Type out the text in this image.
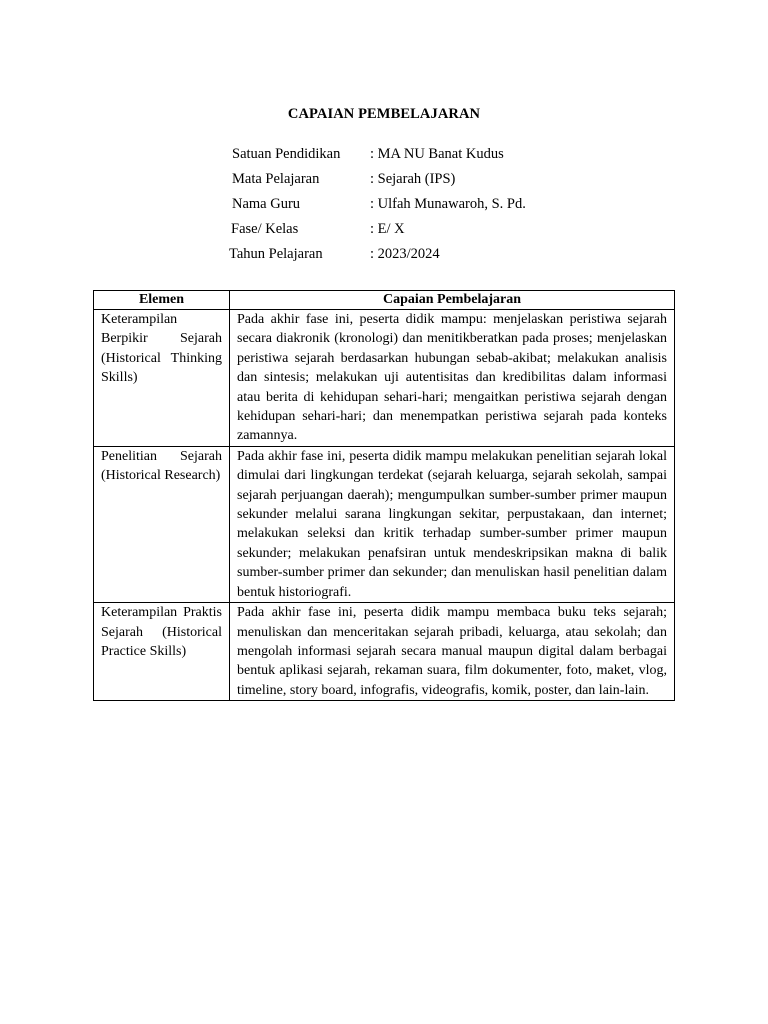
CAPAIAN PEMBELAJARAN
Satuan Pendidikan : MA NU Banat Kudus
Mata Pelajaran	: Sejarah (IPS)
Nama Guru	: Ulfah Munawaroh, S. Pd.
Fase/ Kelas	: E/ X
Tahun Pelajaran	: 2023/2024
Elemen	Capaian Pembelajaran
Keterampilan Berpikir Sejarah (Historical Thinking Skills)	Pada akhir fase ini, peserta didik mampu: menjelaskan peristiwa sejarah secara diakronik (kronologi) dan menitikberatkan pada proses; menjelaskan peristiwa sejarah berdasarkan hubungan sebab-akibat; melakukan analisis dan sintesis; melakukan uji autentisitas dan kredibilitas dalam informasi atau berita di kehidupan sehari-hari; mengaitkan peristiwa sejarah dengan kehidupan sehari-hari; dan menempatkan peristiwa sejarah pada konteks zamannya.
Penelitian Sejarah (Historical Research)	Pada akhir fase ini, peserta didik mampu melakukan penelitian sejarah lokal dimulai dari lingkungan terdekat (sejarah keluarga, sejarah sekolah, sampai sejarah perjuangan daerah); mengumpulkan sumber-sumber primer maupun sekunder melalui sarana lingkungan sekitar, perpustakaan, dan internet; melakukan seleksi dan kritik terhadap sumber-sumber primer maupun sekunder; melakukan penafsiran untuk mendeskripsikan makna di balik sumber-sumber primer dan sekunder; dan menuliskan hasil penelitian dalam bentuk historiografi.
Keterampilan Praktis Sejarah (Historical Practice Skills)	Pada akhir fase ini, peserta didik mampu membaca buku teks sejarah; menuliskan dan menceritakan sejarah pribadi, keluarga, atau sekolah; dan mengolah informasi sejarah secara manual maupun digital dalam berbagai bentuk aplikasi sejarah, rekaman suara, film dokumenter, foto, maket, vlog, timeline, story board, infografis, videografis, komik, poster, dan lain-lain.
